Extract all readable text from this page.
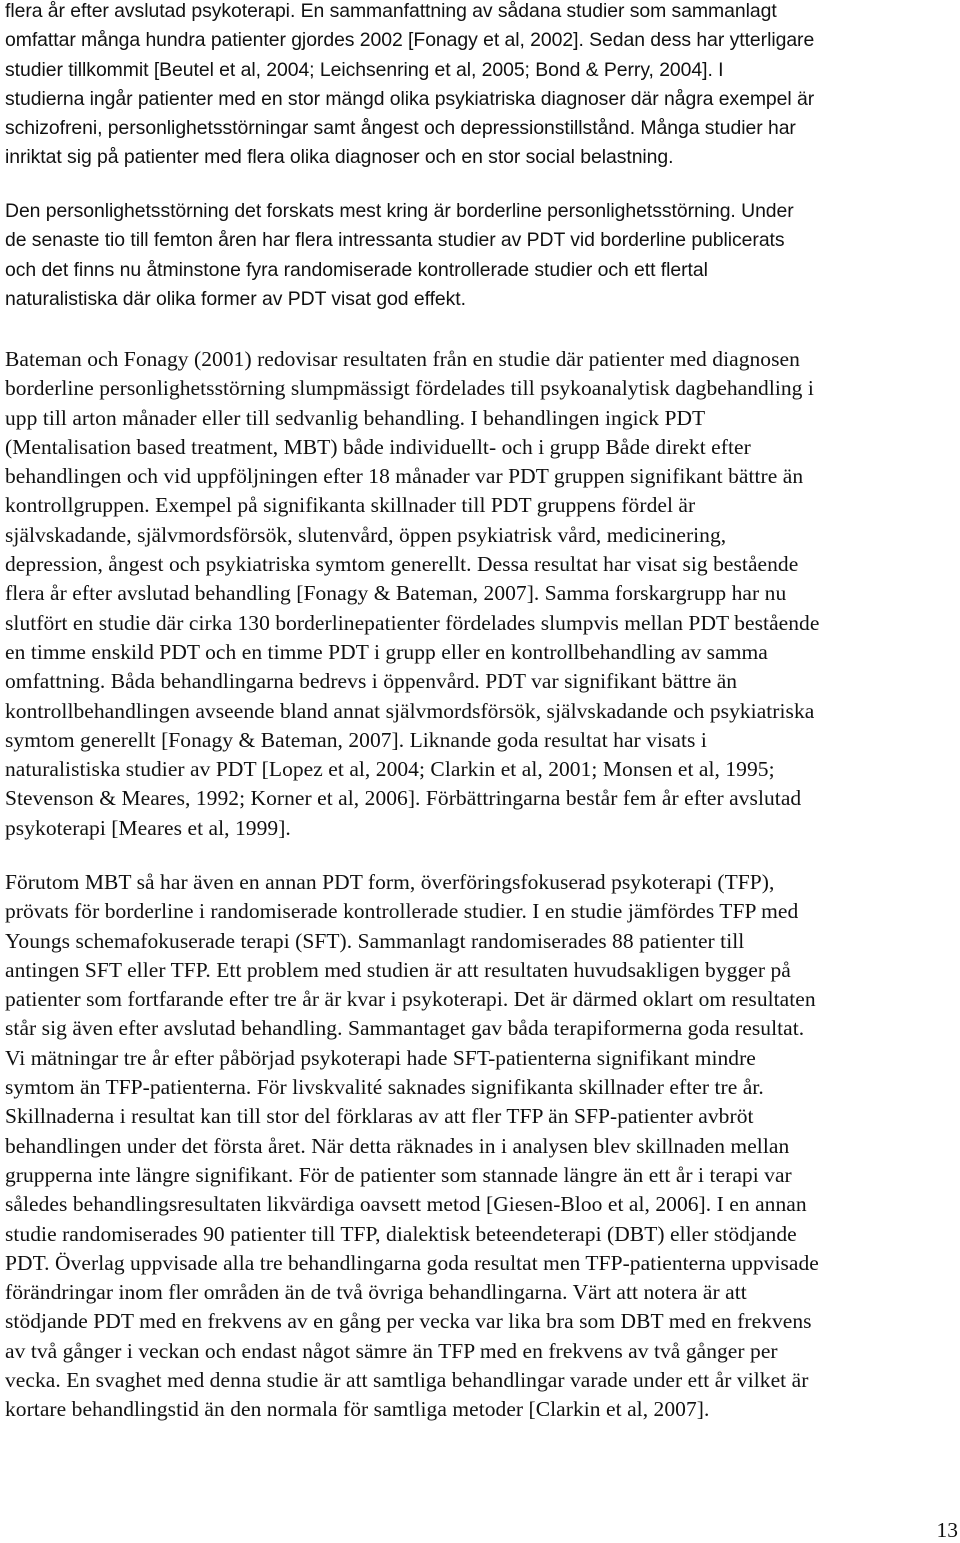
flera år efter avslutad psykoterapi. En sammanfattning av sådana studier som sammanlagt
omfattar många hundra patienter gjordes 2002 [Fonagy et al, 2002]. Sedan dess har ytterligare
studier tillkommit [Beutel et al, 2004; Leichsenring et al, 2005; Bond & Perry, 2004]. I
studierna ingår patienter med en stor mängd olika psykiatriska diagnoser där några exempel är
schizofreni, personlighetsstörningar samt ångest och depressionstillstånd. Många studier har
inriktat sig på patienter med flera olika diagnoser och en stor social belastning.
Den personlighetsstörning det forskats mest kring är borderline personlighetsstörning. Under
de senaste tio till femton åren har flera intressanta studier av PDT vid borderline publicerats
och det finns nu åtminstone fyra randomiserade kontrollerade studier och ett flertal
naturalistiska där olika former av PDT visat god effekt.
Bateman och Fonagy (2001) redovisar resultaten från en studie där patienter med diagnosen
borderline personlighetsstörning slumpmässigt fördelades till psykoanalytisk dagbehandling i
upp till arton månader eller till sedvanlig behandling. I behandlingen ingick PDT
(Mentalisation based treatment, MBT) både individuellt- och i grupp Både direkt efter
behandlingen och vid uppföljningen efter 18 månader var PDT gruppen signifikant bättre än
kontrollgruppen. Exempel på signifikanta skillnader till PDT gruppens fördel är
självskadande, självmordsförsök, slutenvård, öppen psykiatrisk vård, medicinering,
depression, ångest och psykiatriska symtom generellt. Dessa resultat har visat sig bestående
flera år efter avslutad behandling [Fonagy & Bateman, 2007]. Samma forskargrupp har nu
slutfört en studie där cirka 130 borderlinepatienter fördelades slumpvis mellan PDT bestående
en timme enskild PDT och en timme PDT i grupp eller en kontrollbehandling av samma
omfattning. Båda behandlingarna bedrevs i öppenvård. PDT var signifikant bättre än
kontrollbehandlingen avseende bland annat självmordsförsök, självskadande och psykiatriska
symtom generellt [Fonagy & Bateman, 2007]. Liknande goda resultat har visats i
naturalistiska studier av PDT [Lopez et al, 2004; Clarkin et al, 2001; Monsen et al, 1995;
Stevenson & Meares, 1992; Korner et al, 2006]. Förbättringarna består fem år efter avslutad
psykoterapi [Meares et al, 1999].
Förutom MBT så har även en annan PDT form, överföringsfokuserad psykoterapi (TFP),
prövats för borderline i randomiserade kontrollerade studier. I en studie jämfördes TFP med
Youngs schemafokuserade terapi (SFT). Sammanlagt randomiserades 88 patienter till
antingen SFT eller TFP. Ett problem med studien är att resultaten huvudsakligen bygger på
patienter som fortfarande efter tre år är kvar i psykoterapi. Det är därmed oklart om resultaten
står sig även efter avslutad behandling. Sammantaget gav båda terapiformerna goda resultat.
Vi mätningar tre år efter påbörjad psykoterapi hade SFT-patienterna signifikant mindre
symtom än TFP-patienterna. För livskvalité saknades signifikanta skillnader efter tre år.
Skillnaderna i resultat kan till stor del förklaras av att fler TFP än SFP-patienter avbröt
behandlingen under det första året. När detta räknades in i analysen blev skillnaden mellan
grupperna inte längre signifikant. För de patienter som stannade längre än ett år i terapi var
således behandlingsresultaten likvärdiga oavsett metod [Giesen-Bloo et al, 2006]. I en annan
studie randomiserades 90 patienter till TFP, dialektisk beteendeterapi (DBT) eller stödjande
PDT. Överlag uppvisade alla tre behandlingarna goda resultat men TFP-patienterna uppvisade
förändringar inom fler områden än de två övriga behandlingarna. Värt att notera är att
stödjande PDT med en frekvens av en gång per vecka var lika bra som DBT med en frekvens
av två gånger i veckan och endast något sämre än TFP med en frekvens av två gånger per
vecka. En svaghet med denna studie är att samtliga behandlingar varade under ett år vilket är
kortare behandlingstid än den normala för samtliga metoder [Clarkin et al, 2007].
13
